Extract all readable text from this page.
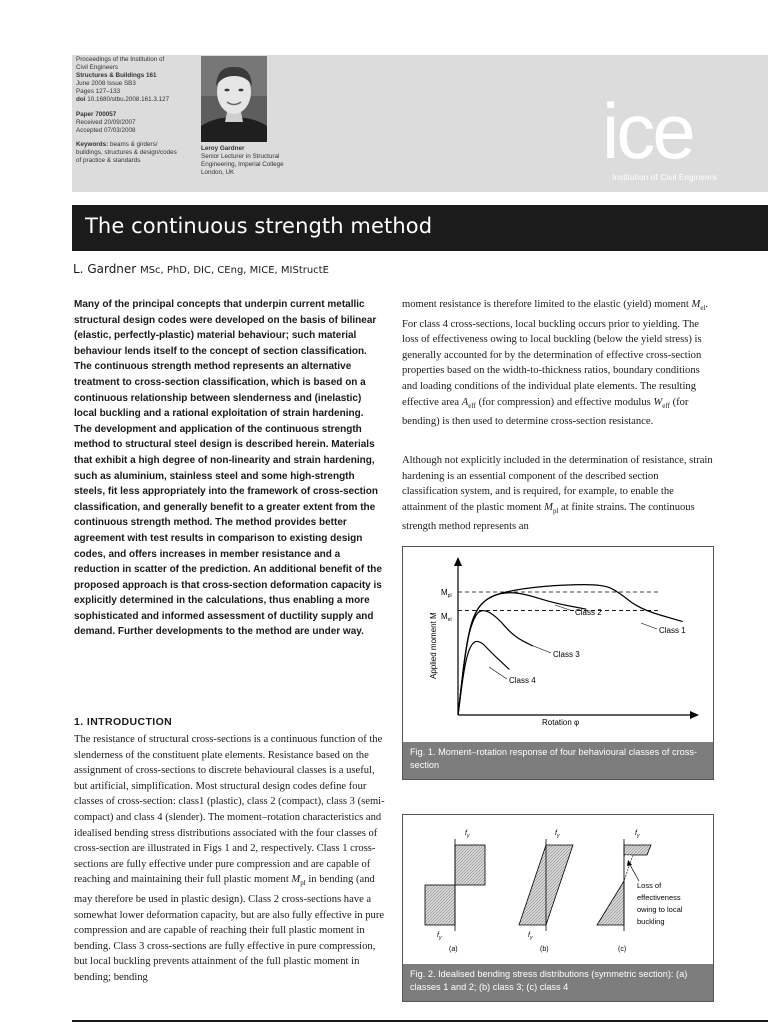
Proceedings of the Institution of
Civil Engineers
Structures & Buildings 161
June 2008 Issue SB3
Pages 127–133
doi 10.1680/stbu.2008.161.3.127
Paper 700057
Received 20/09/2007
Accepted 07/03/2008
Keywords: beams & girders/
buildings, structures & design/codes
of practice & standards
Leroy Gardner
Senior Lecturer in Structural
Engineering, Imperial College
London, UK	ice
Institution of Civil Engineers
The continuous strength method
L. Gardner MSc, PhD, DIC, CEng, MICE, MIStructE
Many of the principal concepts that underpin current metallic structural design codes were developed on the basis of bilinear (elastic, perfectly-plastic) material behaviour; such material behaviour lends itself to the concept of section classification. The continuous strength method represents an alternative treatment to cross-section classification, which is based on a continuous relationship between slenderness and (inelastic) local buckling and a rational exploitation of strain hardening. The development and application of the continuous strength method to structural steel design is described herein. Materials that exhibit a high degree of non-linearity and strain hardening, such as aluminium, stainless steel and some high-strength steels, fit less appropriately into the framework of cross-section classification, and generally benefit to a greater extent from the continuous strength method. The method provides better agreement with test results in comparison to existing design codes, and offers increases in member resistance and a reduction in scatter of the prediction. An additional benefit of the proposed approach is that cross-section deformation capacity is explicitly determined in the calculations, thus enabling a more sophisticated and informed assessment of ductility supply and demand. Further developments to the method are under way.
1. INTRODUCTION
The resistance of structural cross-sections is a continuous function of the slenderness of the constituent plate elements. Resistance based on the assignment of cross-sections to discrete behavioural classes is a useful, but artificial, simplification. Most structural design codes define four classes of cross-section: class1 (plastic), class 2 (compact), class 3 (semi-compact) and class 4 (slender). The moment–rotation characteristics and idealised bending stress distributions associated with the four classes of cross-section are illustrated in Figs 1 and 2, respectively. Class 1 cross-sections are fully effective under pure compression and are capable of reaching and maintaining their full plastic moment $M_{pl}$ in bending (and may therefore be used in plastic design). Class 2 cross-sections have a somewhat lower deformation capacity, but are also fully effective in pure compression and are capable of reaching their full plastic moment in bending. Class 3 cross-sections are fully effective in pure compression, but local buckling prevents attainment of the full plastic moment in bending; bending
moment resistance is therefore limited to the elastic (yield) moment $M_{el}$. For class 4 cross-sections, local buckling occurs prior to yielding. The loss of effectiveness owing to local buckling (below the yield stress) is generally accounted for by the determination of effective cross-section properties based on the width-to-thickness ratios, boundary conditions and loading conditions of the individual plate elements. The resulting effective area $A_{eff}$ (for compression) and effective modulus $W_{eff}$ (for bending) is then used to determine cross-section resistance.
Although not explicitly included in the determination of resistance, strain hardening is an essential component of the described section classification system, and is required, for example, to enable the attainment of the plastic moment $M_{pl}$ at finite strains. The continuous strength method represents an
Applied moment M
Rotation φ
$M_{pl}$
$M_{el}$
Class 1
Class 2
Class 3
Class 4
Fig. 1. Moment–rotation response of four behavioural classes of cross-section
$f_y$
$f_y$
(a)
$f_y$
$f_y$
(b)
$f_y$
(c)
Loss of
effectiveness
owing to local
buckling
Fig. 2. Idealised bending stress distributions (symmetric section): (a) classes 1 and 2; (b) class 3; (c) class 4
